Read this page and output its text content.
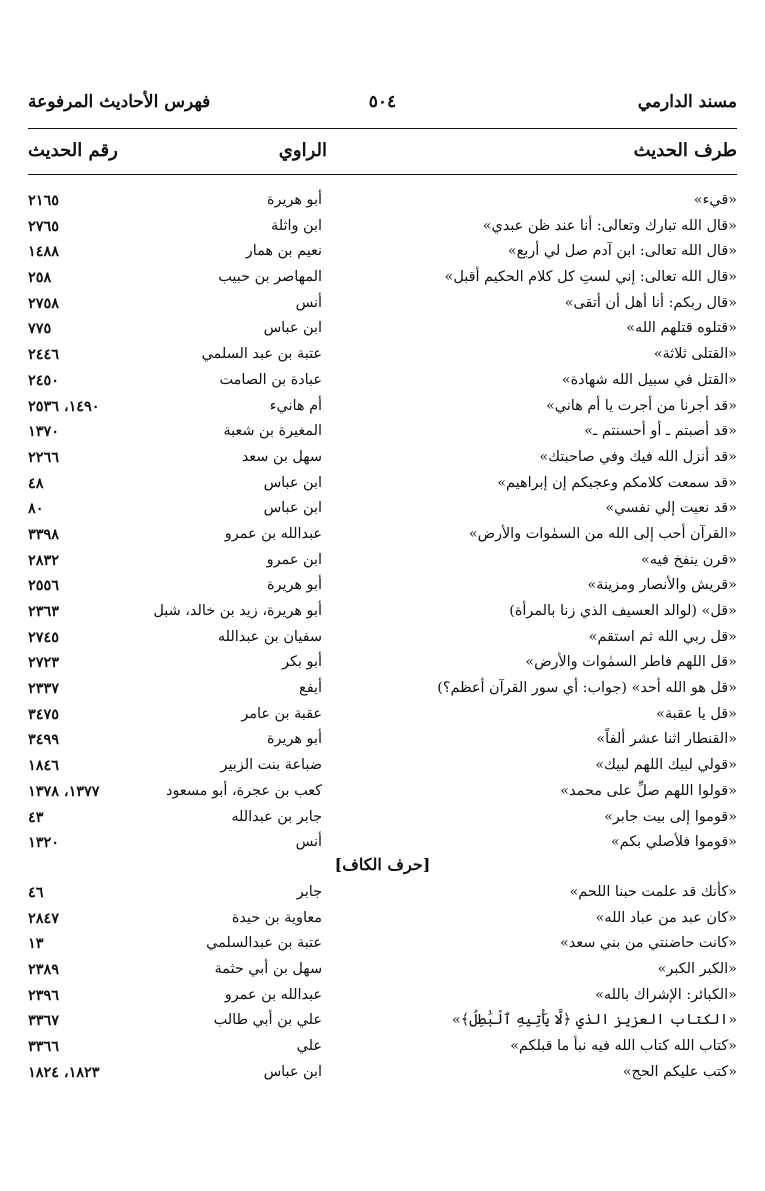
مسند الدارمي
٥٠٤
فهرس الأحاديث المرفوعة
طرف الحديث
الراوي
رقم الحديث
«قيء»
أبو هريرة
٢١٦٥
«قال الله تبارك وتعالى: أنا عند ظن عبدي»
ابن واثلة
٢٧٦٥
«قال الله تعالى: ابن آدم صل لي أربع»
نعيم بن همار
١٤٨٨
«قال الله تعالى: إني لستِ كل كلام الحكيم أقبل»
المهاصر بن حبيب
٢٥٨
«قال ربكم: أنا أهل أن أتقى»
أنس
٢٧٥٨
«قتلوه قتلهم الله»
ابن عباس
٧٧٥
«القتلى ثلاثة»
عتبة بن عبد السلمي
٢٤٤٦
«القتل في سبيل الله شهادة»
عبادة بن الصامت
٢٤٥٠
«قد أجرنا من أجرت يا أم هاني»
أم هانيء
١٤٩٠، ٢٥٣٦
«قد أصبتم ـ أو أحسنتم ـ»
المغيرة بن شعبة
١٣٧٠
«قد أنزل الله فيك وفي صاحبتك»
سهل بن سعد
٢٢٦٦
«قد سمعت كلامكم وعجبكم إن إبراهيم»
ابن عباس
٤٨
«قد نعيت إلي نفسي»
ابن عباس
٨٠
«القرآن أحب إلى الله من السمٰوات والأرض»
عبدالله بن عمرو
٣٣٩٨
«قرن ينفخ فيه»
ابن عمرو
٢٨٣٢
«قريش والأنصار ومزينة»
أبو هريرة
٢٥٥٦
«قل» (لوالد العسيف الذي زنا بالمرأة)
أبو هريرة، زيد بن خالد، شبل
٢٣٦٣
«قل ربي الله ثم استقم»
سفيان بن عبدالله
٢٧٤٥
«قل اللهم فاطر السمٰوات والأرض»
أبو بكر
٢٧٢٣
«قل هو الله أحد» (جواب: أي سور القرآن أعظم؟)
أيفع
٢٣٣٧
«قل يا عقبة»
عقبة بن عامر
٣٤٧٥
«القنطار اثنا عشر ألفاً»
أبو هريرة
٣٤٩٩
«قولي لبيك اللهم لبيك»
ضباعة بنت الزبير
١٨٤٦
«قولوا اللهم صلِّ على محمد»
كعب بن عجرة، أبو مسعود
١٣٧٧، ١٣٧٨
«قوموا إلى بيت جابر»
جابر بن عبدالله
٤٣
«قوموا فلأصلي بكم»
أنس
١٣٢٠
[حرف الكاف]
«كأنك قد علمت حبنا اللحم»
جابر
٤٦
«كان عبد من عباد الله»
معاوية بن حيدة
٢٨٤٧
«كانت حاضنتي من بني سعد»
عتبة بن عبدالسلمي
١٣
«الكبر الكبر»
سهل بن أبي حثمة
٢٣٨٩
«الكبائر: الإشراك بالله»
عبدالله بن عمرو
٢٣٩٦
«الكتاب العزيز الذي ﴿لَّا يَأْتِيهِ ٱلْبَٰطِلُ﴾»
علي بن أبي طالب
٣٣٦٧
«كتاب الله كتاب الله فيه نبأ ما قبلكم»
علي
٣٣٦٦
«كتب عليكم الحج»
ابن عباس
١٨٢٣، ١٨٢٤
